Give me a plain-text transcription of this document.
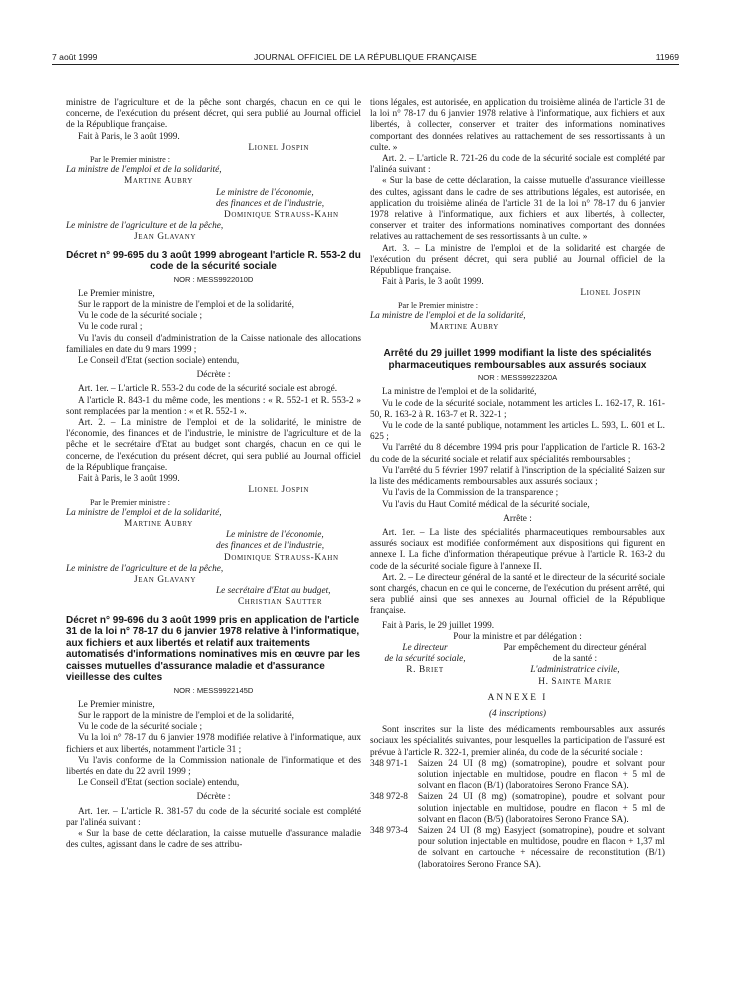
7 août 1999	JOURNAL OFFICIEL DE LA RÉPUBLIQUE FRANÇAISE	11969

ministre de l'agriculture et de la pêche sont chargés, chacun en ce qui le concerne, de l'exécution du présent décret, qui sera publié au Journal officiel de la République française.

Fait à Paris, le 3 août 1999.

Lionel Jospin

Par le Premier ministre :

La ministre de l'emploi et de la solidarité,

Martine Aubry

Le ministre de l'économie,

des finances et de l'industrie,

Dominique Strauss-Kahn

Le ministre de l'agriculture et de la pêche,

Jean Glavany

Décret n° 99-695 du 3 août 1999 abrogeant l'article R. 553-2 du code de la sécurité sociale
NOR : MESS9922010D

Le Premier ministre,

Sur le rapport de la ministre de l'emploi et de la solidarité,

Vu le code de la sécurité sociale ;

Vu le code rural ;

Vu l'avis du conseil d'administration de la Caisse nationale des allocations familiales en date du 9 mars 1999 ;

Le Conseil d'Etat (section sociale) entendu,

Décrète :

Art. 1er. – L'article R. 553-2 du code de la sécurité sociale est abrogé.

A l'article R. 843-1 du même code, les mentions : « R. 552-1 et R. 553-2 » sont remplacées par la mention : « et R. 552-1 ».

Art. 2. – La ministre de l'emploi et de la solidarité, le ministre de l'économie, des finances et de l'industrie, le ministre de l'agriculture et de la pêche et le secrétaire d'Etat au budget sont chargés, chacun en ce qui le concerne, de l'exécution du présent décret, qui sera publié au Journal officiel de la République française.

Fait à Paris, le 3 août 1999.

Lionel Jospin

Par le Premier ministre :

La ministre de l'emploi et de la solidarité,

Martine Aubry

Le ministre de l'économie,

des finances et de l'industrie,

Dominique Strauss-Kahn

Le ministre de l'agriculture et de la pêche,

Jean Glavany

Le secrétaire d'Etat au budget,

Christian Sautter

Décret n° 99-696 du 3 août 1999 pris en application de l'article 31 de la loi n° 78-17 du 6 janvier 1978 relative à l'informatique, aux fichiers et aux libertés et relatif aux traitements automatisés d'informations nominatives mis en œuvre par les caisses mutuelles d'assurance maladie et d'assurance vieillesse des cultes
NOR : MESS9922145D

Le Premier ministre,

Sur le rapport de la ministre de l'emploi et de la solidarité,

Vu le code de la sécurité sociale ;

Vu la loi n° 78-17 du 6 janvier 1978 modifiée relative à l'informatique, aux fichiers et aux libertés, notamment l'article 31 ;

Vu l'avis conforme de la Commission nationale de l'informatique et des libertés en date du 22 avril 1999 ;

Le Conseil d'Etat (section sociale) entendu,

Décrète :

Art. 1er. – L'article R. 381-57 du code de la sécurité sociale est complété par l'alinéa suivant :

« Sur la base de cette déclaration, la caisse mutuelle d'assurance maladie des cultes, agissant dans le cadre de ses attribu-

tions légales, est autorisée, en application du troisième alinéa de l'article 31 de la loi n° 78-17 du 6 janvier 1978 relative à l'informatique, aux fichiers et aux libertés, à collecter, conserver et traiter des informations nominatives comportant des données relatives au rattachement de ses ressortissants à un culte. »

Art. 2. – L'article R. 721-26 du code de la sécurité sociale est complété par l'alinéa suivant :

« Sur la base de cette déclaration, la caisse mutuelle d'assurance vieillesse des cultes, agissant dans le cadre de ses attributions légales, est autorisée, en application du troisième alinéa de l'article 31 de la loi n° 78-17 du 6 janvier 1978 relative à l'informatique, aux fichiers et aux libertés, à collecter, conserver et traiter des informations nominatives comportant des données relatives au rattachement de ses ressortissants à un culte. »

Art. 3. – La ministre de l'emploi et de la solidarité est chargée de l'exécution du présent décret, qui sera publié au Journal officiel de la République française.

Fait à Paris, le 3 août 1999.

Lionel Jospin

Par le Premier ministre :

La ministre de l'emploi et de la solidarité,

Martine Aubry

Arrêté du 29 juillet 1999 modifiant la liste des spécialités pharmaceutiques remboursables aux assurés sociaux
NOR : MESS9922320A

La ministre de l'emploi et de la solidarité,

Vu le code de la sécurité sociale, notamment les articles L. 162-17, R. 161-50, R. 163-2 à R. 163-7 et R. 322-1 ;

Vu le code de la santé publique, notamment les articles L. 593, L. 601 et L. 625 ;

Vu l'arrêté du 8 décembre 1994 pris pour l'application de l'article R. 163-2 du code de la sécurité sociale et relatif aux spécialités remboursables ;

Vu l'arrêté du 5 février 1997 relatif à l'inscription de la spécialité Saizen sur la liste des médicaments remboursables aux assurés sociaux ;

Vu l'avis de la Commission de la transparence ;

Vu l'avis du Haut Comité médical de la sécurité sociale,

Arrête :

Art. 1er. – La liste des spécialités pharmaceutiques remboursables aux assurés sociaux est modifiée conformément aux dispositions qui figurent en annexe I. La fiche d'information thérapeutique prévue à l'article R. 163-2 du code de la sécurité sociale figure à l'annexe II.

Art. 2. – Le directeur général de la santé et le directeur de la sécurité sociale sont chargés, chacun en ce qui le concerne, de l'exécution du présent arrêté, qui sera publié ainsi que ses annexes au Journal officiel de la République française.

Fait à Paris, le 29 juillet 1999.

Pour la ministre et par délégation :

Le directeur

de la sécurité sociale,

R. Briet

Par empêchement du directeur général

de la santé :

L'administratrice civile,

H. Sainte Marie

ANNEXE I

(4 inscriptions)

Sont inscrites sur la liste des médicaments remboursables aux assurés sociaux les spécialités suivantes, pour lesquelles la participation de l'assuré est prévue à l'article R. 322-1, premier alinéa, du code de la sécurité sociale :

348 971-1	Saizen 24 UI (8 mg) (somatropine), poudre et solvant pour solution injectable en multidose, poudre en flacon + 5 ml de solvant en flacon (B/1) (laboratoires Serono France SA).
348 972-8	Saizen 24 UI (8 mg) (somatropine), poudre et solvant pour solution injectable en multidose, poudre en flacon + 5 ml de solvant en flacon (B/5) (laboratoires Serono France SA).
348 973-4	Saizen 24 UI (8 mg) Easyject (somatropine), poudre et solvant pour solution injectable en multidose, poudre en flacon + 1,37 ml de solvant en cartouche + nécessaire de reconstitution (B/1) (laboratoires Serono France SA).
